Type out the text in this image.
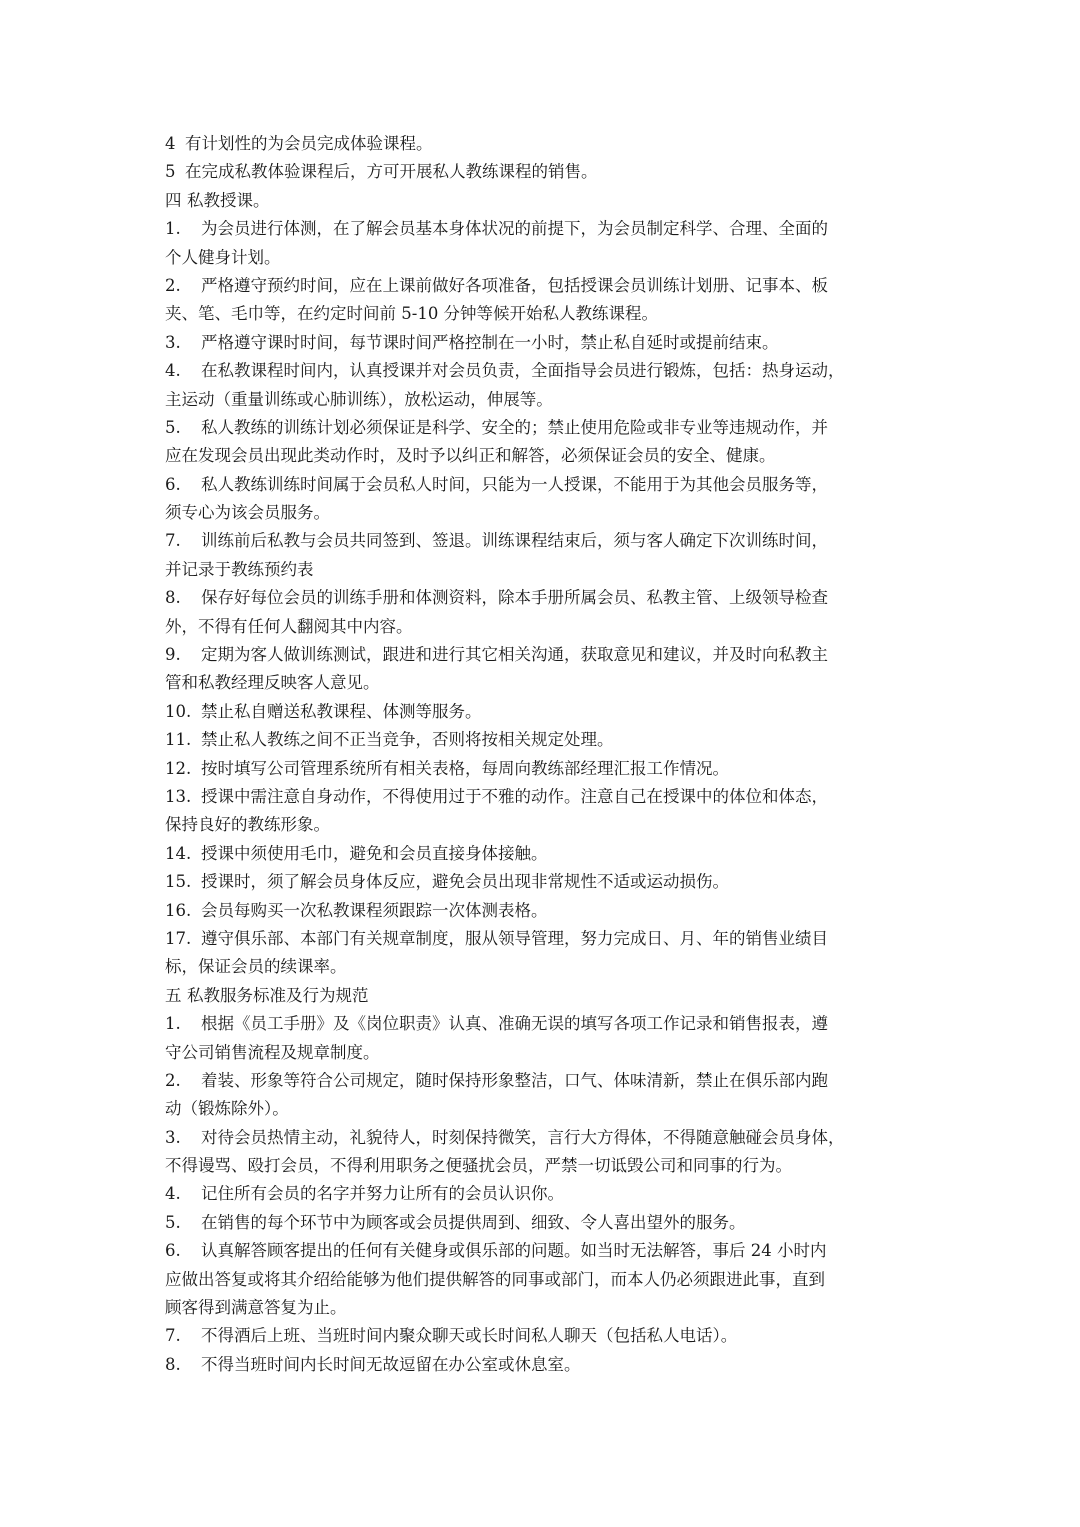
4 有计划性的为会员完成体验课程。
5 在完成私教体验课程后，方可开展私人教练课程的销售。
四 私教授课。
1. 为会员进行体测，在了解会员基本身体状况的前提下，为会员制定科学、合理、全面的
个人健身计划。
2. 严格遵守预约时间，应在上课前做好各项准备，包括授课会员训练计划册、记事本、板
夹、笔、毛巾等，在约定时间前 5-10 分钟等候开始私人教练课程。
3. 严格遵守课时时间，每节课时间严格控制在一小时，禁止私自延时或提前结束。
4. 在私教课程时间内，认真授课并对会员负责，全面指导会员进行锻炼，包括：热身运动，
主运动（重量训练或心肺训练），放松运动，伸展等。
5. 私人教练的训练计划必须保证是科学、安全的；禁止使用危险或非专业等违规动作，并
应在发现会员出现此类动作时，及时予以纠正和解答，必须保证会员的安全、健康。
6. 私人教练训练时间属于会员私人时间，只能为一人授课，不能用于为其他会员服务等，
须专心为该会员服务。
7. 训练前后私教与会员共同签到、签退。训练课程结束后，须与客人确定下次训练时间，
并记录于教练预约表
8. 保存好每位会员的训练手册和体测资料，除本手册所属会员、私教主管、上级领导检查
外，不得有任何人翻阅其中内容。
9. 定期为客人做训练测试，跟进和进行其它相关沟通，获取意见和建议，并及时向私教主
管和私教经理反映客人意见。
10. 禁止私自赠送私教课程、体测等服务。
11. 禁止私人教练之间不正当竞争，否则将按相关规定处理。
12. 按时填写公司管理系统所有相关表格，每周向教练部经理汇报工作情况。
13. 授课中需注意自身动作，不得使用过于不雅的动作。注意自己在授课中的体位和体态，
保持良好的教练形象。
14. 授课中须使用毛巾，避免和会员直接身体接触。
15. 授课时，须了解会员身体反应，避免会员出现非常规性不适或运动损伤。
16. 会员每购买一次私教课程须跟踪一次体测表格。
17. 遵守俱乐部、本部门有关规章制度，服从领导管理，努力完成日、月、年的销售业绩目
标，保证会员的续课率。
五 私教服务标准及行为规范
1. 根据《员工手册》及《岗位职责》认真、准确无误的填写各项工作记录和销售报表，遵
守公司销售流程及规章制度。
2. 着装、形象等符合公司规定，随时保持形象整洁，口气、体味清新，禁止在俱乐部内跑
动（锻炼除外）。
3. 对待会员热情主动，礼貌待人，时刻保持微笑，言行大方得体，不得随意触碰会员身体，
不得谩骂、殴打会员，不得利用职务之便骚扰会员，严禁一切诋毁公司和同事的行为。
4. 记住所有会员的名字并努力让所有的会员认识你。
5. 在销售的每个环节中为顾客或会员提供周到、细致、令人喜出望外的服务。
6. 认真解答顾客提出的任何有关健身或俱乐部的问题。如当时无法解答，事后 24 小时内
应做出答复或将其介绍给能够为他们提供解答的同事或部门，而本人仍必须跟进此事，直到
顾客得到满意答复为止。
7. 不得酒后上班、当班时间内聚众聊天或长时间私人聊天（包括私人电话）。
8. 不得当班时间内长时间无故逗留在办公室或休息室。
